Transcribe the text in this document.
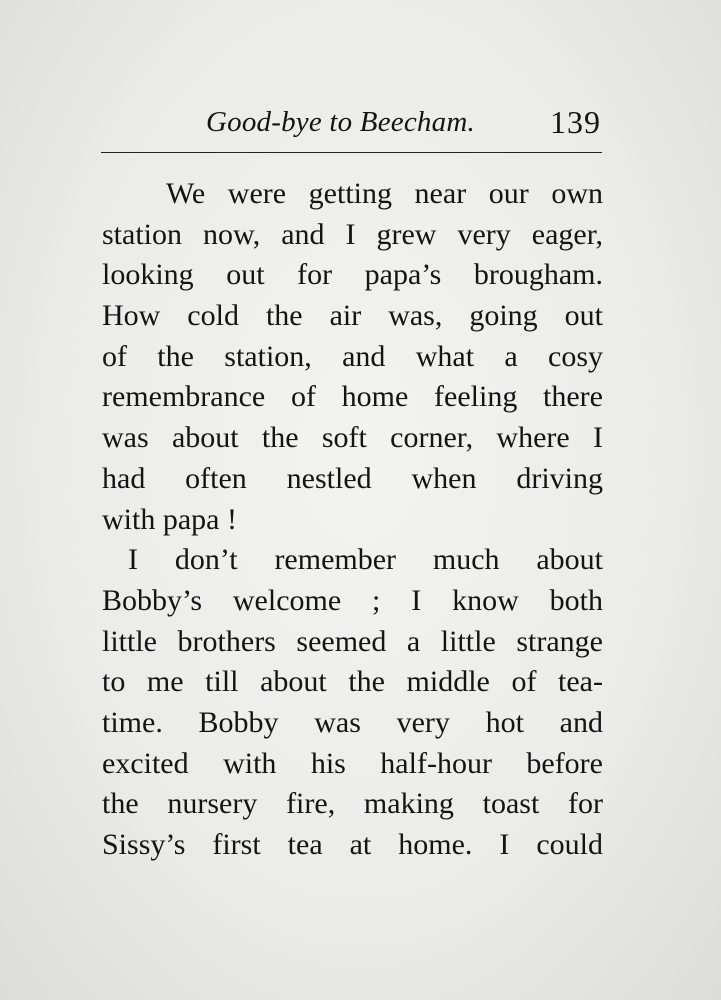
Good-bye to Beecham. 139
We were getting near our own
station now, and I grew very eager,
looking out for papa’s brougham.
How cold the air was, going out
of the station, and what a cosy
remembrance of home feeling there
was about the soft corner, where I
had often nestled when driving
with papa !
I don’t remember much about
Bobby’s welcome ; I know both
little brothers seemed a little strange
to me till about the middle of tea-
time. Bobby was very hot and
excited with his half-hour before
the nursery fire, making toast for
Sissy’s first tea at home. I could
